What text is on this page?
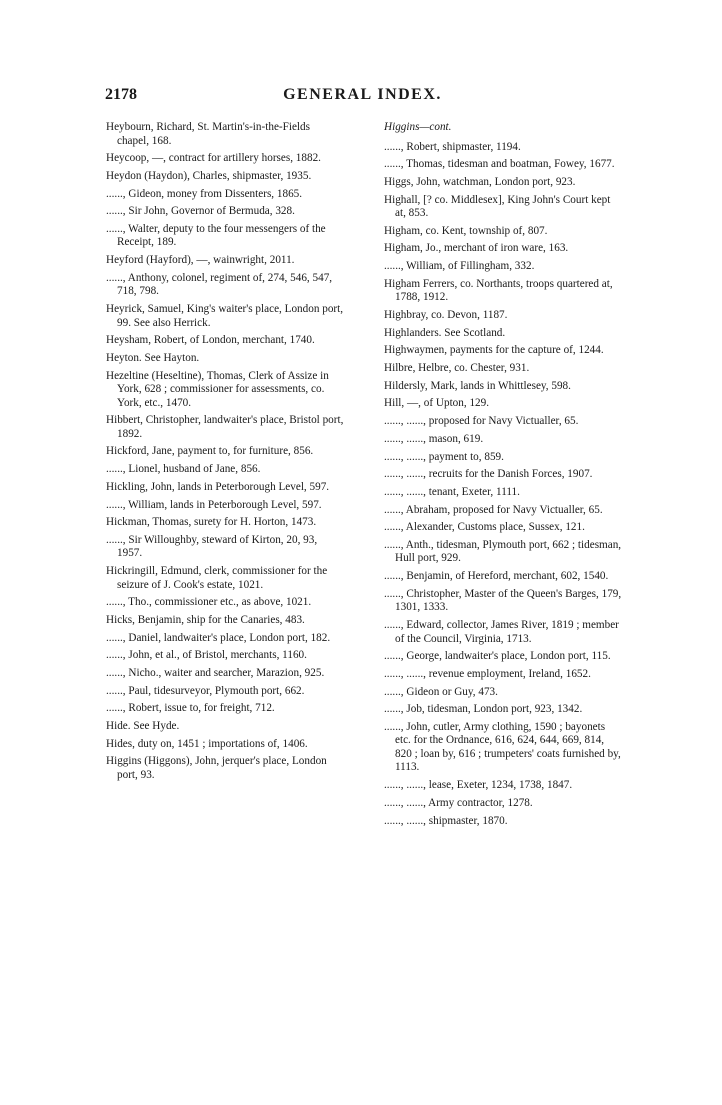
2178	GENERAL INDEX.
Heybourn, Richard, St. Martin's-in-the-Fields chapel, 168.
Heycoop, —, contract for artillery horses, 1882.
Heydon (Haydon), Charles, shipmaster, 1935.
......, Gideon, money from Dissenters, 1865.
......, Sir John, Governor of Bermuda, 328.
......, Walter, deputy to the four messengers of the Receipt, 189.
Heyford (Hayford), —, wainwright, 2011.
......, Anthony, colonel, regiment of, 274, 546, 547, 718, 798.
Heyrick, Samuel, King's waiter's place, London port, 99. See also Herrick.
Heysham, Robert, of London, merchant, 1740.
Heyton. See Hayton.
Hezeltine (Heseltine), Thomas, Clerk of Assize in York, 628 ; commissioner for assessments, co. York, etc., 1470.
Hibbert, Christopher, landwaiter's place, Bristol port, 1892.
Hickford, Jane, payment to, for furniture, 856.
......, Lionel, husband of Jane, 856.
Hickling, John, lands in Peterborough Level, 597.
......, William, lands in Peterborough Level, 597.
Hickman, Thomas, surety for H. Horton, 1473.
......, Sir Willoughby, steward of Kirton, 20, 93, 1957.
Hickringill, Edmund, clerk, commissioner for the seizure of J. Cook's estate, 1021.
......, Tho., commissioner etc., as above, 1021.
Hicks, Benjamin, ship for the Canaries, 483.
......, Daniel, landwaiter's place, London port, 182.
......, John, et al., of Bristol, merchants, 1160.
......, Nicho., waiter and searcher, Marazion, 925.
......, Paul, tidesurveyor, Plymouth port, 662.
......, Robert, issue to, for freight, 712.
Hide. See Hyde.
Hides, duty on, 1451 ; importations of, 1406.
Higgins (Higgons), John, jerquer's place, London port, 93.
Higgins—cont.
......, Robert, shipmaster, 1194.
......, Thomas, tidesman and boatman, Fowey, 1677.
Higgs, John, watchman, London port, 923.
Highall, [? co. Middlesex], King John's Court kept at, 853.
Higham, co. Kent, township of, 807.
Higham, Jo., merchant of iron ware, 163.
......, William, of Fillingham, 332.
Higham Ferrers, co. Northants, troops quartered at, 1788, 1912.
Highbray, co. Devon, 1187.
Highlanders. See Scotland.
Highwaymen, payments for the capture of, 1244.
Hilbre, Helbre, co. Chester, 931.
Hildersly, Mark, lands in Whittlesey, 598.
Hill, —, of Upton, 129.
......, ......, proposed for Navy Victualler, 65.
......, ......, mason, 619.
......, ......, payment to, 859.
......, ......, recruits for the Danish Forces, 1907.
......, ......, tenant, Exeter, 1111.
......, Abraham, proposed for Navy Victualler, 65.
......, Alexander, Customs place, Sussex, 121.
......, Anth., tidesman, Plymouth port, 662 ; tidesman, Hull port, 929.
......, Benjamin, of Hereford, merchant, 602, 1540.
......, Christopher, Master of the Queen's Barges, 179, 1301, 1333.
......, Edward, collector, James River, 1819 ; member of the Council, Virginia, 1713.
......, George, landwaiter's place, London port, 115.
......, ......, revenue employment, Ireland, 1652.
......, Gideon or Guy, 473.
......, Job, tidesman, London port, 923, 1342.
......, John, cutler, Army clothing, 1590 ; bayonets etc. for the Ordnance, 616, 624, 644, 669, 814, 820 ; loan by, 616 ; trumpeters' coats furnished by, 1113.
......, ......, lease, Exeter, 1234, 1738, 1847.
......, ......, Army contractor, 1278.
......, ......, shipmaster, 1870.
